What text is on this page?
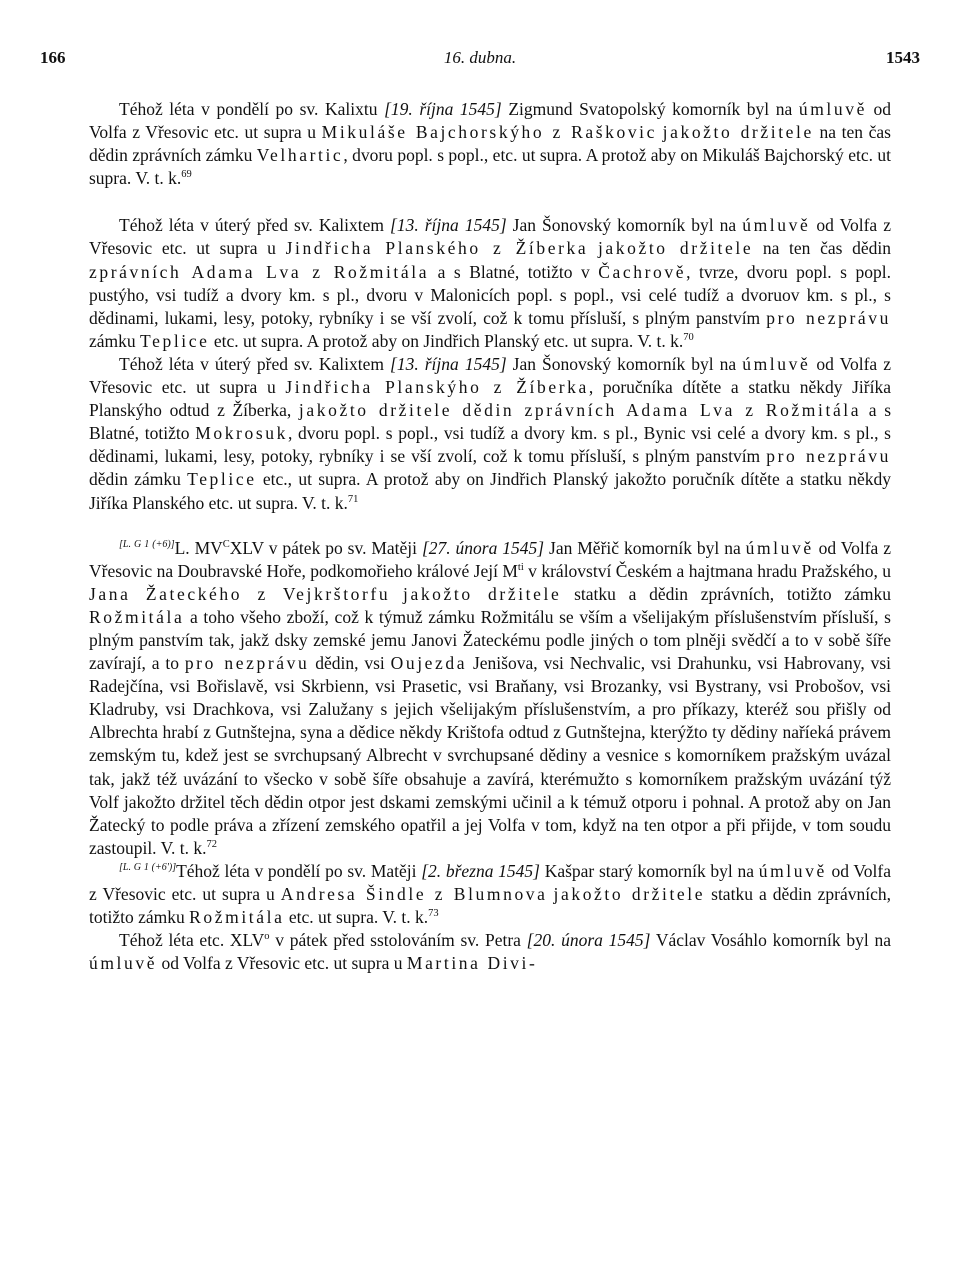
166	16. dubna.	1543

Téhož léta v pondělí po sv. Kalixtu [19. října 1545] Zigmund Svatopolský komorník byl na úmluvě od Volfa z Vřesovic etc. ut supra u Mikuláše Bajchorskýho z Raškovic jakožto držitele na ten čas dědin zprávních zámku Velhartic, dvoru popl. s popl., etc. ut supra. A protož aby on Mikuláš Bajchorský etc. ut supra. V. t. k.$^{69}$

Téhož léta v úterý před sv. Kalixtem [13. října 1545] Jan Šonovský komorník byl na úmluvě od Volfa z Vřesovic etc. ut supra u Jindřicha Planského z Žíberka jakožto držitele na ten čas dědin zprávních Adama Lva z Rožmitála a s Blatné, totižto v Čachrově, tvrze, dvoru popl. s popl. pustýho, vsi tudíž a dvory km. s pl., dvoru v Malonicích popl. s popl., vsi celé tudíž a dvoruov km. s pl., s dědinami, lukami, lesy, potoky, rybníky i se vší zvolí, což k tomu přísluší, s plným panstvím pro nezprávu zámku Teplice etc. ut supra. A protož aby on Jindřich Planský etc. ut supra. V. t. k.$^{70}$

Téhož léta v úterý před sv. Kalixtem [13. října 1545] Jan Šonovský komorník byl na úmluvě od Volfa z Vřesovic etc. ut supra u Jindřicha Planskýho z Žíberka, poručníka dítěte a statku někdy Jiříka Planskýho odtud z Žíberka, jakožto držitele dědin zprávních Adama Lva z Rožmitála a s Blatné, totižto Mokrosuk, dvoru popl. s popl., vsi tudíž a dvory km. s pl., Bynic vsi celé a dvory km. s pl., s dědinami, lukami, lesy, potoky, rybníky i se vší zvolí, což k tomu přísluší, s plným panstvím pro nezprávu dědin zámku Teplice etc., ut supra. A protož aby on Jindřich Planský jakožto poručník dítěte a statku někdy Jiříka Planského etc. ut supra. V. t. k.$^{71}$

[L. G 1 (+6)]L. MV$^C$XLV v pátek po sv. Matěji [27. února 1545] Jan Měřič komorník byl na úmluvě od Volfa z Vřesovic na Doubravské Hoře, podkomořieho králové Její M$^{ti}$ v království Českém a hajtmana hradu Pražského, u Jana Žateckého z Vejkrštorfu jakožto držitele statku a dědin zprávních, totižto zámku Rožmitála a toho všeho zboží, což k týmuž zámku Rožmitálu se vším a všelijakým příslušenstvím přísluší, s plným panstvím tak, jakž dsky zemské jemu Janovi Žateckému podle jiných o tom plněji svědčí a to v sobě šíře zavírají, a to pro nezprávu dědin, vsi Oujezda Jenišova, vsi Nechvalic, vsi Drahunku, vsi Habrovany, vsi Radejčína, vsi Bořislavě, vsi Skrbienn, vsi Prasetic, vsi Braňany, vsi Brozanky, vsi Bystrany, vsi Probošov, vsi Kladruby, vsi Drachkova, vsi Zalužany s jejich všelijakým příslušenstvím, a pro příkazy, kteréž sou přišly od Albrechta hrabí z Gutnštejna, syna a dědice někdy Krištofa odtud z Gutnštejna, kterýžto ty dědiny naříeká právem zemským tu, kdež jest se svrchupsaný Albrecht v svrchupsané dědiny a vesnice s komorníkem pražským uvázal tak, jakž též uvázání to všecko v sobě šíře obsahuje a zavírá, kterémužto s komorníkem pražským uvázání týž Volf jakožto držitel těch dědin otpor jest dskami zemskými učinil a k témuž otporu i pohnal. A protož aby on Jan Žatecký to podle práva a zřízení zemského opatřil a jej Volfa v tom, když na ten otpor a při přijde, v tom soudu zastoupil. V. t. k.$^{72}$

[L. G 1 (+6')]Téhož léta v pondělí po sv. Matěji [2. března 1545] Kašpar starý komorník byl na úmluvě od Volfa z Vřesovic etc. ut supra u Andresa Šindle z Blumnova jakožto držitele statku a dědin zprávních, totižto zámku Rožmitála etc. ut supra. V. t. k.$^{73}$

Téhož léta etc. XLV$^o$ v pátek před sstolováním sv. Petra [20. února 1545] Václav Vosáhlo komorník byl na úmluvě od Volfa z Vřesovic etc. ut supra u Martina Divi-
